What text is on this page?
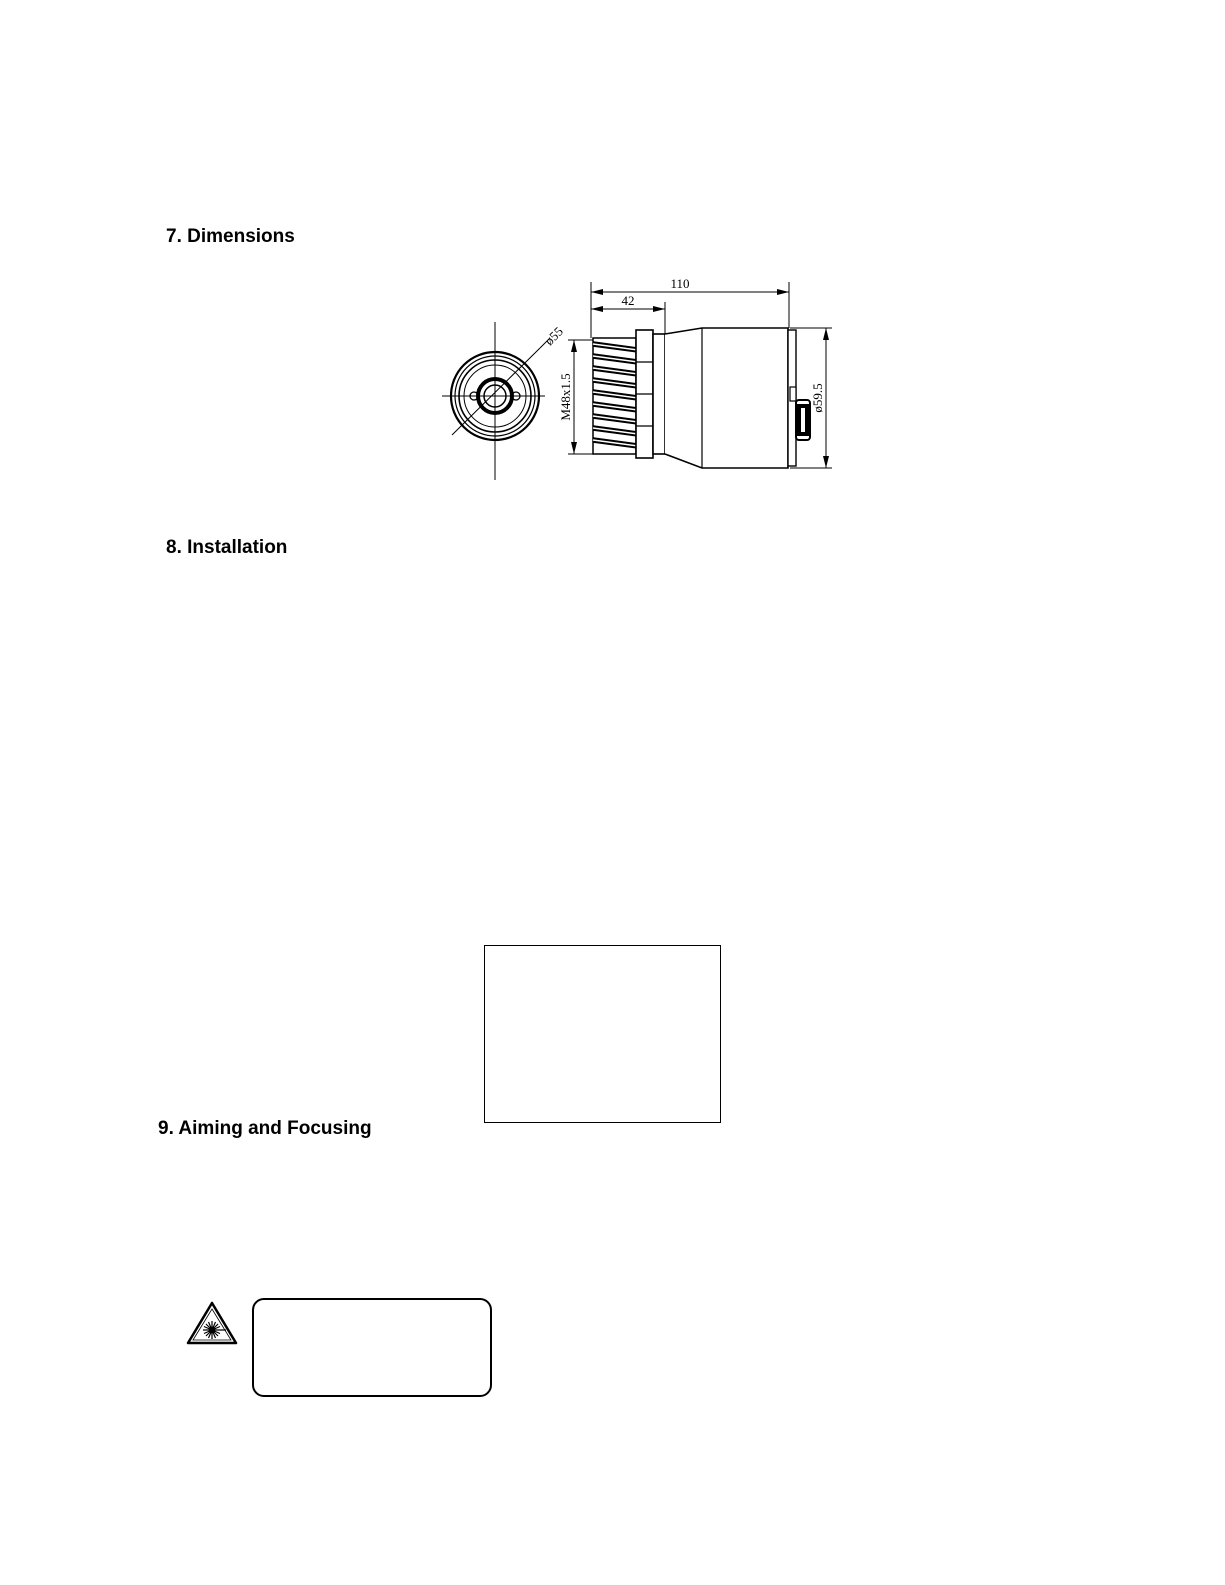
7. Dimensions
ø55
110
42
M48x1.5	ø59.5
8. Installation
9. Aiming and Focusing
